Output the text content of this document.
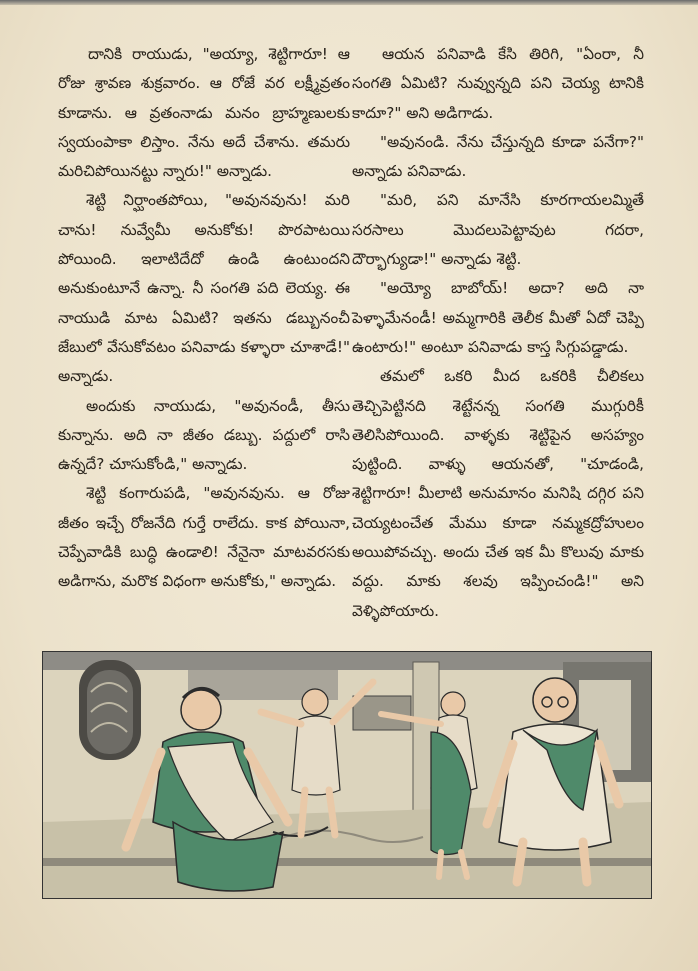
దానికి రాయుడు, "అయ్యా, శెట్టిగారూ! ఆ రోజు శ్రావణ శుక్రవారం. ఆ రోజే వర లక్ష్మీవ్రతం కూడాను. ఆ వ్రతంనాడు మనం బ్రాహ్మణులకు స్వయంపాకా లిస్తాం. నేను అదే చేశాను. తమరు మరిచిపోయినట్టు న్నారు!" అన్నాడు.

శెట్టి నిర్ఘాంతపోయి, "అవునవును! మరి చాను! నువ్వేమీ అనుకోకు! పొరపాటయి పోయింది. ఇలాటిదేదో ఉండి ఉంటుందని అనుకుంటూనే ఉన్నా. నీ సంగతి పది లెయ్య. ఈ నాయుడి మాట ఏమిటి? ఇతను డబ్బునంచీ జేబులో వేసుకోవటం పనివాడు కళ్ళారా చూశాడే!" అన్నాడు.

అందుకు నాయుడు, "అవునండీ, తీసు కున్నాను. అది నా జీతం డబ్బు. పద్దులో రాసి ఉన్నదే? చూసుకోండి," అన్నాడు.

శెట్టి కంగారుపడి, "అవునవును. ఆ రోజు జీతం ఇచ్చే రోజనేది గుర్తే రాలేదు. కాక పోయినా, చెప్పేవాడికి బుద్ధి ఉండాలి! నేనైనా మాటవరసకు అడిగాను, మరొక విధంగా అనుకోకు," అన్నాడు.

ఆయన పనివాడి కేసి తిరిగి, "ఏంరా, నీ సంగతి ఏమిటి? నువ్వున్నది పని చెయ్య టానికి కాదూ?" అని అడిగాడు.

"అవునండి. నేను చేస్తున్నది కూడా పనేగా?" అన్నాడు పనివాడు.

"మరి, పని మానేసి కూరగాయలమ్మితే సరసాలు మొదలుపెట్టావుట గదరా, దౌర్భాగ్యుడా!" అన్నాడు శెట్టి.

"అయ్యో బాబోయ్! అదా? అది నా పెళ్ళామేనండీ! అమ్మగారికి తెలీక మీతో ఏదో చెప్పి ఉంటారు!" అంటూ పనివాడు కాస్త సిగ్గుపడ్డాడు.

తమలో ఒకరి మీద ఒకరికి చీలికలు తెచ్చిపెట్టినది శెట్టేనన్న సంగతి ముగ్గురికీ తెలిసిపోయింది. వాళ్ళకు శెట్టిపైన అసహ్యం పుట్టింది. వాళ్ళు ఆయనతో, "చూడండి, శెట్టిగారూ! మీలాటి అనుమానం మనిషి దగ్గిర పని చెయ్యటంచేత మేము కూడా నమ్మకద్రోహులం అయిపోవచ్చు. అందు చేత ఇక మీ కొలువు మాకు వద్దు. మాకు శలవు ఇప్పించండి!" అని వెళ్ళిపోయారు.
